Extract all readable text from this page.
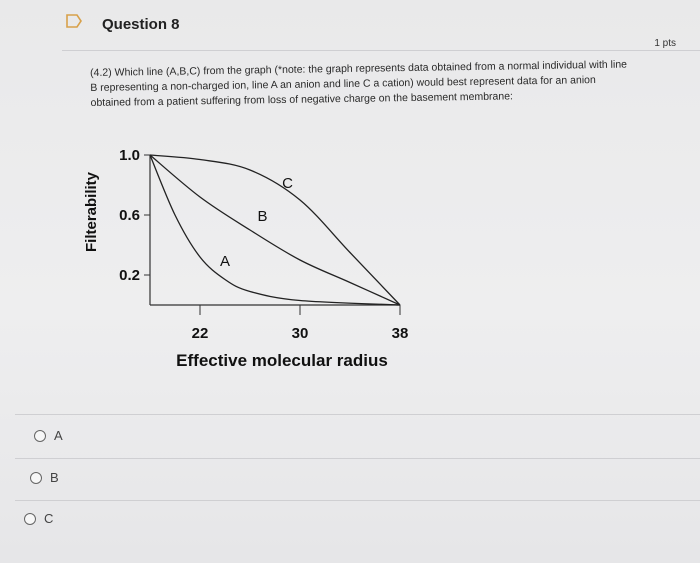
Question 8
1 pts
(4.2) Which line (A,B,C) from the graph (*note: the graph represents data obtained from a normal individual with line B representing a non-charged ion, line A an anion and line C a cation) would best represent data for an anion obtained from a patient suffering from loss of negative charge on the basement membrane:
1.0
0.6
0.2
22	30	38
A
B
C
Filterability
Effective molecular radius
A
B
C
